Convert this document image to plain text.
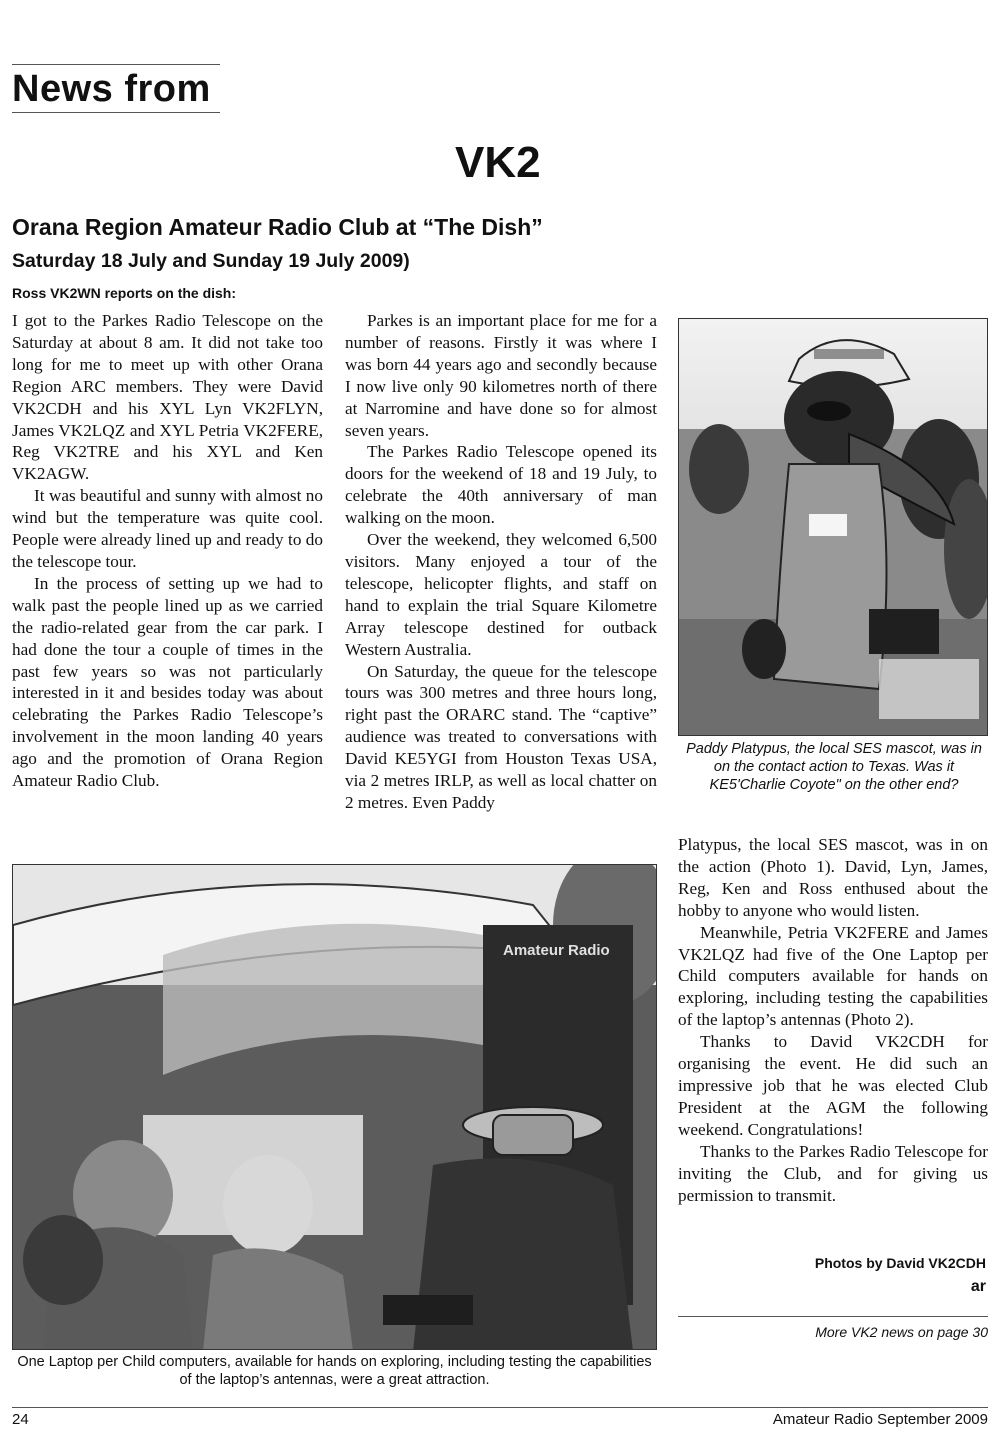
News from
VK2
Orana Region Amateur Radio Club at “The Dish”
Saturday 18 July and Sunday 19 July 2009)
Ross VK2WN reports on the dish:

I got to the Parkes Radio Telescope on the Saturday at about 8 am. It did not take too long for me to meet up with other Orana Region ARC members. They were David VK2CDH and his XYL Lyn VK2FLYN, James VK2LQZ and XYL Petria VK2FERE, Reg VK2TRE and his XYL and Ken VK2AGW.

It was beautiful and sunny with almost no wind but the temperature was quite cool. People were already lined up and ready to do the telescope tour.

In the process of setting up we had to walk past the people lined up as we carried the radio-related gear from the car park. I had done the tour a couple of times in the past few years so was not particularly interested in it and besides today was about celebrating the Parkes Radio Telescope’s involvement in the moon landing 40 years ago and the promotion of Orana Region Amateur Radio Club.

Parkes is an important place for me for a number of reasons. Firstly it was where I was born 44 years ago and secondly because I now live only 90 kilometres north of there at Narromine and have done so for almost seven years.

The Parkes Radio Telescope opened its doors for the weekend of 18 and 19 July, to celebrate the 40th anniversary of man walking on the moon.

Over the weekend, they welcomed 6,500 visitors. Many enjoyed a tour of the telescope, helicopter flights, and staff on hand to explain the trial Square Kilometre Array telescope destined for outback Western Australia.

On Saturday, the queue for the telescope tours was 300 metres and three hours long, right past the ORARC stand. The “captive” audience was treated to conversations with David KE5YGI from Houston Texas USA, via 2 metres IRLP, as well as local chatter on 2 metres. Even Paddy

Paddy Platypus, the local SES mascot, was in on the contact action to Texas. Was it KE5'Charlie Coyote" on the other end?

Platypus, the local SES mascot, was in on the action (Photo 1). David, Lyn, James, Reg, Ken and Ross enthused about the hobby to anyone who would listen.

Meanwhile, Petria VK2FERE and James VK2LQZ had five of the One Laptop per Child computers available for hands on exploring, including testing the capabilities of the laptop’s antennas (Photo 2).

Thanks to David VK2CDH for organising the event. He did such an impressive job that he was elected Club President at the AGM the following weekend. Congratulations!

Thanks to the Parkes Radio Telescope for inviting the Club, and for giving us permission to transmit.

Amateur Radio
One Laptop per Child computers, available for hands on exploring, including testing the capabilities of the laptop’s antennas, were a great attraction.
Photos by David VK2CDH
ar
More VK2 news on page 30
24	Amateur Radio September 2009
